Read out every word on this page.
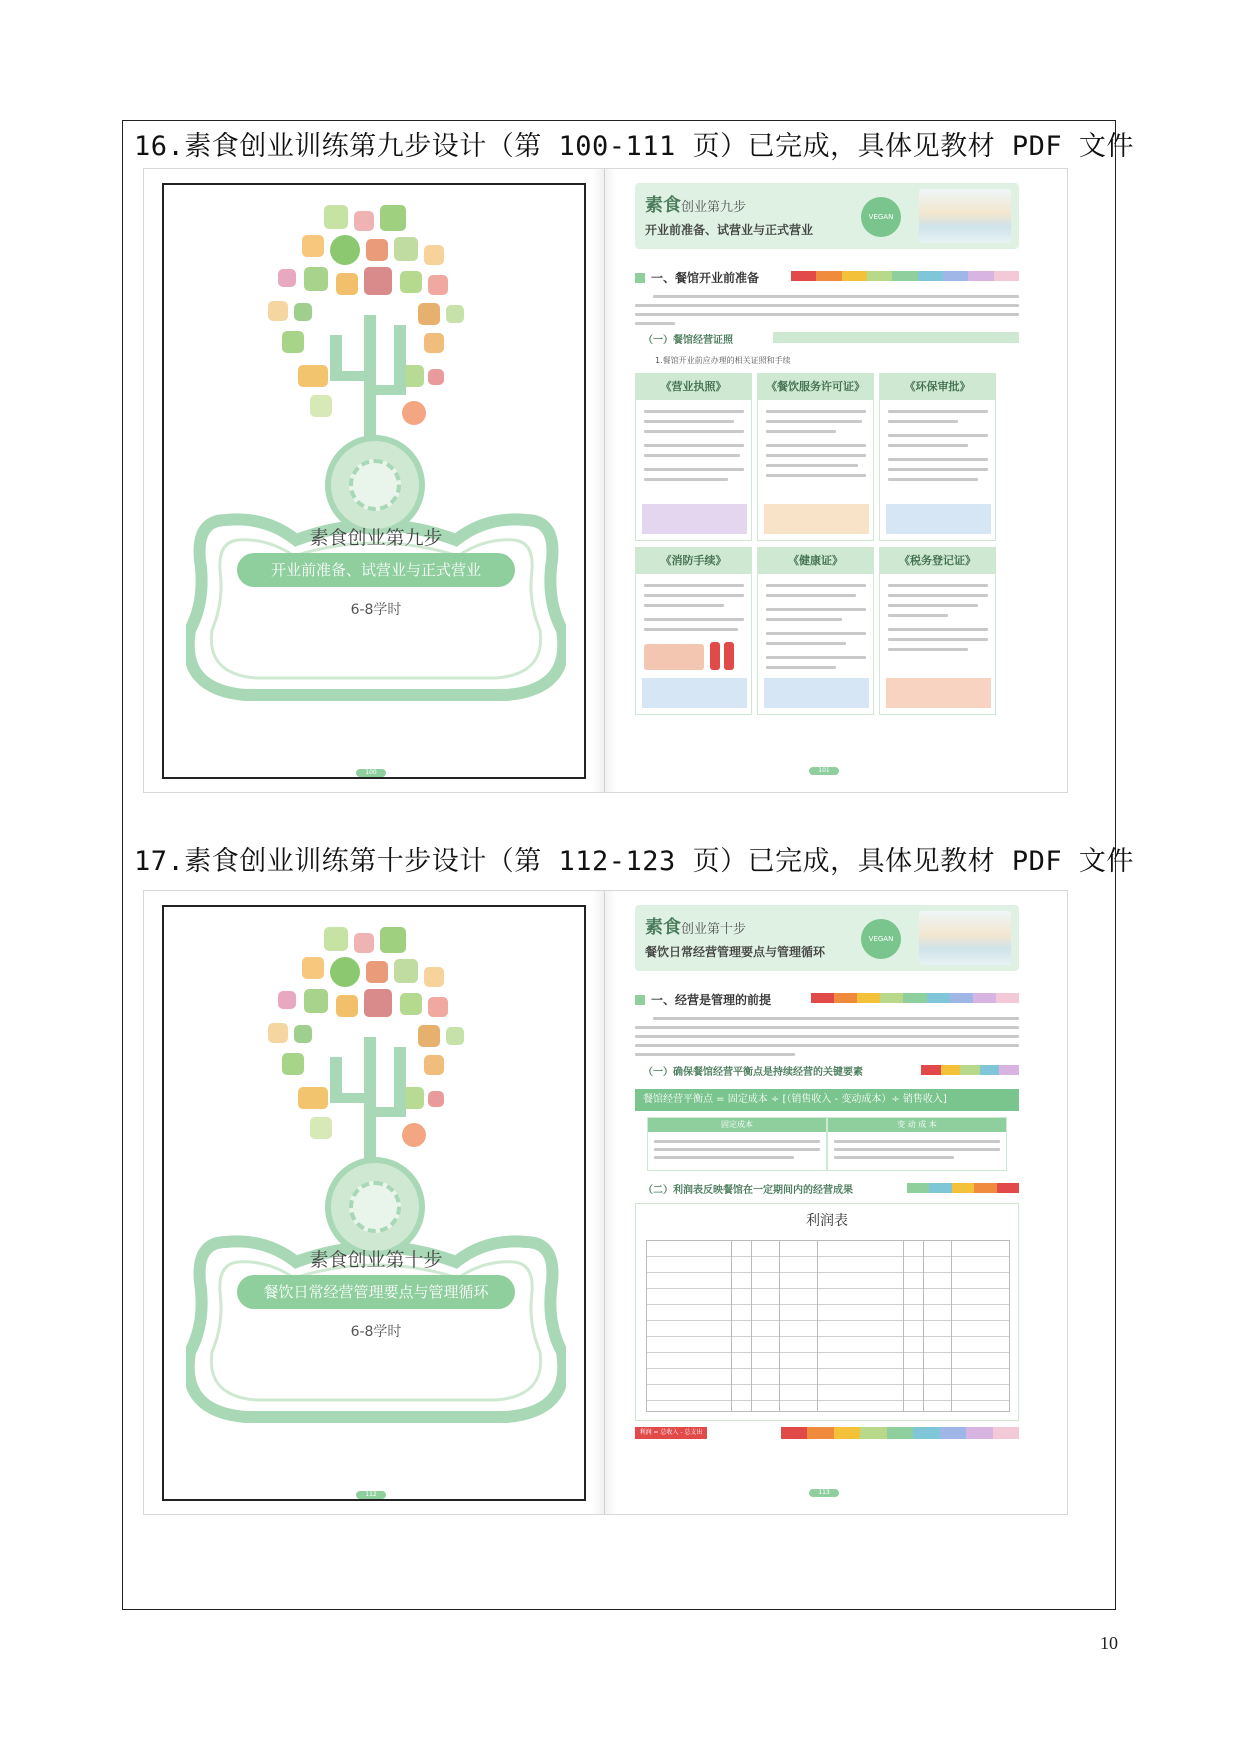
16.素食创业训练第九步设计（第 100-111 页）已完成，具体见教材 PDF 文件
素食创业第九步
开业前准备、试营业与正式营业
6-8学时
100
素食创业第九步
开业前准备、试营业与正式营业
VEGAN
一、餐馆开业前准备
（一）餐馆经营证照
1.餐馆开业前应办理的相关证照和手续
《营业执照》	《餐饮服务许可证》	《环保审批》
《消防手续》	《健康证》	《税务登记证》
101
17.素食创业训练第十步设计（第 112-123 页）已完成，具体见教材 PDF 文件
素食创业第十步
餐饮日常经营管理要点与管理循环
6-8学时
112
素食创业第十步
餐饮日常经营管理要点与管理循环
VEGAN
一、经营是管理的前提
（一）确保餐馆经营平衡点是持续经营的关键要素
餐馆经营平衡点 = 固定成本 ÷ [（销售收入 - 变动成本）÷ 销售收入]
固定成本	变 动 成 本
（二）利润表反映餐馆在一定期间内的经营成果
利润表
利润 = 总收入 - 总支出
113
10
